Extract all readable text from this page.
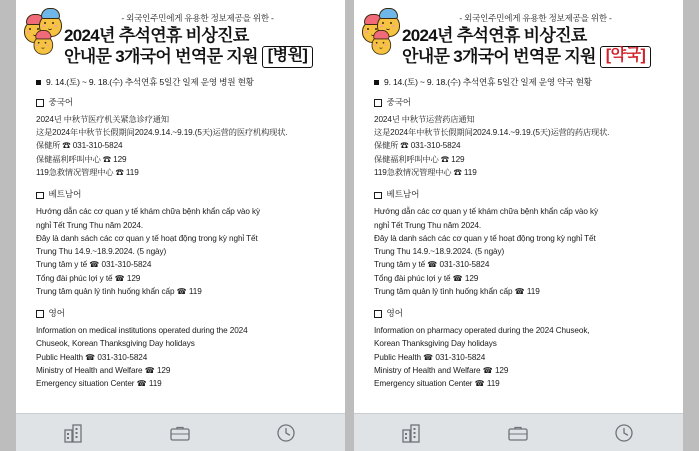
- 외국인주민에게 유용한 정보제공을 위한 -
2024년 추석연휴 비상진료
안내문 3개국어 번역문 지원 [병원]
9. 14.(토) ~ 9. 18.(수) 추석연휴 5일간 일제 운영 병원 현황
중국어
2024년 中秋节医疗机关紧急诊疗通知
这是2024年中秋节长假期间2024.9.14.~9.19.(5天)运营的医疗机构现状.
保健所 ☎ 031-310-5824
保健福利呼叫中心 ☎ 129
119急救情况管理中心 ☎ 119
베트남어
Hướng dẫn các cơ quan y tế khám chữa bệnh khẩn cấp vào kỳ
nghỉ Tết Trung Thu năm 2024.
Đây là danh sách các cơ quan y tế hoạt động trong kỳ nghỉ Tết
Trung Thu 14.9.~18.9.2024. (5 ngày)
Trung tâm y tế ☎ 031-310-5824
Tổng đài phúc lợi y tế ☎ 129
Trung tâm quản lý tình huống khẩn cấp ☎ 119
영어
Information on medical institutions operated during the 2024
Chuseok, Korean Thanksgiving Day holidays
Public Health ☎ 031-310-5824
Ministry of Health and Welfare ☎ 129
Emergency situation Center ☎ 119
- 외국인주민에게 유용한 정보제공을 위한 -
2024년 추석연휴 비상진료
안내문 3개국어 번역문 지원 [약국]
9. 14.(토) ~ 9. 18.(수) 추석연휴 5일간 일제 운영 약국 현황
중국어
2024년 中秋节运营药店通知
这是2024年中秋节长假期间2024.9.14.~9.19.(5天)运营的药店现状.
保健所 ☎ 031-310-5824
保健福利呼叫中心 ☎ 129
119急救情况管理中心 ☎ 119
베트남어
Hướng dẫn các cơ quan y tế khám chữa bệnh khẩn cấp vào kỳ
nghỉ Tết Trung Thu năm 2024.
Đây là danh sách các cơ quan y tế hoạt động trong kỳ nghỉ Tết
Trung Thu 14.9.~18.9.2024. (5 ngày)
Trung tâm y tế ☎ 031-310-5824
Tổng đài phúc lợi y tế ☎ 129
Trung tâm quản lý tình huống khẩn cấp ☎ 119
영어
Information on pharmacy operated during the 2024 Chuseok,
Korean Thanksgiving Day holidays
Public Health ☎ 031-310-5824
Ministry of Health and Welfare ☎ 129
Emergency situation Center ☎ 119
